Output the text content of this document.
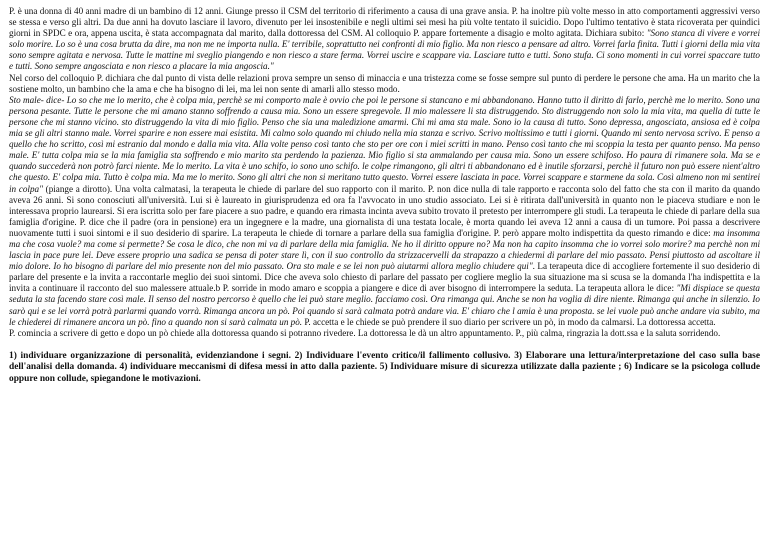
P. è una donna di 40 anni madre di un bambino di 12 anni. Giunge presso il CSM del territorio di riferimento a causa di una grave ansia. P. ha inoltre più volte messo in atto comportamenti aggressivi verso se stessa e verso gli altri. Da due anni ha dovuto lasciare il lavoro, divenuto per lei insostenibile e negli ultimi sei mesi ha più volte tentato il suicidio. Dopo l'ultimo tentativo è stata ricoverata per quindici giorni in SPDC e ora, appena uscita, è stata accompagnata dal marito, dalla dottoressa del CSM. Al colloquio P. appare fortemente a disagio e molto agitata. Dichiara subito: "Sono stanca di vivere e vorrei solo morire. Lo so è una cosa brutta da dire, ma non me ne importa nulla. E' terribile, soprattutto nei confronti di mio figlio. Ma non riesco a pensare ad altro. Vorrei farla finita. Tutti i giorni della mia vita sono sempre agitata e nervosa. Tutte le mattine mi sveglio piangendo e non riesco a stare ferma. Vorrei uscire e scappare via. Lasciare tutto e tutti. Sono stufa. Ci sono momenti in cui vorrei spaccare tutto e tutti. Sono sempre angosciata e non riesco a placare la mia angoscia."

Nel corso del colloquio P. dichiara che dal punto di vista delle relazioni prova sempre un senso di minaccia e una tristezza come se fosse sempre sul punto di perdere le persone che ama. Ha un marito che la sostiene molto, un bambino che la ama e che ha bisogno di lei, ma lei non sente di amarli allo stesso modo.

Sto male- dice- Lo so che me lo merito, che è colpa mia, perchè se mi comporto male è ovvio che poi le persone si stancano e mi abbandonano. Hanno tutto il diritto di farlo, perchè me lo merito. Sono una persona pesante. Tutte le persone che mi amano stanno soffrendo a causa mia. Sono un essere spregevole. Il mio malessere li sta distruggendo. Sto distruggendo non solo la mia vita, ma quella di tutte le persone che mi stanno vicino. sto distruggendo la vita di mio figlio. Penso che sia una maledizione amarmi. Chi mi ama sta male. Sono io la causa di tutto. Sono depressa, angosciata, ansiosa ed è colpa mia se gli altri stanno male. Vorrei sparire e non essere mai esistita. Mi calmo solo quando mi chiudo nella mia stanza e scrivo. Scrivo moltissimo e tutti i giorni. Quando mi sento nervosa scrivo. E penso a quello che ho scritto, così mi estranio dal mondo e dalla mia vita. Alla volte penso così tanto che sto per ore con i miei scritti in mano. Penso così tanto che mi scoppia la testa per quanto penso. Ma penso male. E' tutta colpa mia se la mia famiglia sta soffrendo e mio marito sta perdendo la pazienza. Mio figlio si sta ammalando per causa mia. Sono un essere schifoso. Ho paura di rimanere sola. Ma se e quando succederà non potrò farci niente. Me lo merito. La vita è uno schifo, io sono uno schifo. le colpe rimangono, gli altri ti abbandonano ed è inutile sforzarsi, perchè il futuro non può essere nient'altro che questo. E' colpa mia. Tutto è colpa mia. Ma me lo merito. Sono gli altri che non si meritano tutto questo. Vorrei essere lasciata in pace. Vorrei scappare e starmene da sola. Così almeno non mi sentirei in colpa" (piange a dirotto). Una volta calmatasi, la terapeuta le chiede di parlare del suo rapporto con il marito. P. non dice nulla di tale rapporto e racconta solo del fatto che sta con il marito da quando aveva 26 anni. Si sono conosciuti all'università. Lui si è laureato in giurisprudenza ed ora fa l'avvocato in uno studio associato. Lei si è ritirata dall'università in quanto non le piaceva studiare e non le interessava proprio laurearsi. Si era iscritta solo per fare piacere a suo padre, e quando era rimasta incinta aveva subito trovato il pretesto per interrompere gli studi. La terapeuta le chiede di parlare della sua famiglia d'origine. P. dice che il padre (ora in pensione) era un ingegnere e la madre, una giornalista di una testata locale, è morta quando lei aveva 12 anni a causa di un tumore. Poi passa a descrivere nuovamente tutti i suoi sintomi e il suo desiderio di sparire. La terapeuta le chiede di tornare a parlare della sua famiglia d'origine. P. però appare molto indispettita da questo rimando e dice: ma insomma ma che cosa vuole? ma come si permette? Se cosa le dico, che non mi va di parlare della mia famiglia. Ne ho il diritto oppure no? Ma non ha capito insomma che io vorrei solo morire? ma perchè non mi lascia in pace pure lei. Deve essere proprio una sadica se pensa di poter stare lì, con il suo controllo da strizzacervelli da strapazzo a chiedermi di parlare del mio passato. Pensi piuttosto ad ascoltare il mio dolore. Io ho bisogno di parlare del mio presente non del mio passato. Ora sto male e se lei non può aiutarmi allora meglio chiudere qui". La terapeuta dice di accogliere fortemente il suo desiderio di parlare del presente e la invita a raccontarle meglio dei suoi sintomi. Dice che aveva solo chiesto di parlare del passato per cogliere meglio la sua situazione ma si scusa se la domanda l'ha indispettita e la invita a continuare il racconto del suo malessere attuale.b P. sorride in modo amaro e scoppia a piangere e dice di aver bisogno di interrompere la seduta. La terapeuta allora le dice: "Mi dispiace se questa seduta la sta facendo stare così male. Il senso del nostro percorso è quello che lei può stare meglio. facciamo così. Ora rimanga qui. Anche se non ha voglia di dire niente. Rimanga qui anche in silenzio. Io sarò qui e se lei vorrà potrà parlarmi quando vorrà. Rimanga ancora un pò. Poi quando si sarà calmata potrà andare via. E' chiaro che l amia è una proposta. se lei vuole può anche andare via subito, ma le chiederei di rimanere ancora un pò. fino a quando non si sarà calmata un pò. P. accetta e le chiede se può prendere il suo diario per scrivere un pò, in modo da calmarsi. La dottoressa accetta.

P. comincia a scrivere di getto e dopo un pò chiede alla dottoressa quando si potranno rivedere. La dottoressa le dà un altro appuntamento. P., più calma, ringrazia la dott.ssa e la saluta sorridendo.

1) individuare organizzazione di personalità, evidenziandone i segni. 2) Individuare l'evento critico/il fallimento collusivo. 3) Elaborare una lettura/interpretazione del caso sulla base dell'analisi della domanda. 4) individuare meccanismi di difesa messi in atto dalla paziente. 5) Individuare misure di sicurezza utilizzate dalla paziente ; 6) Indicare se la psicologa collude oppure non collude, spiegandone le motivazioni.
